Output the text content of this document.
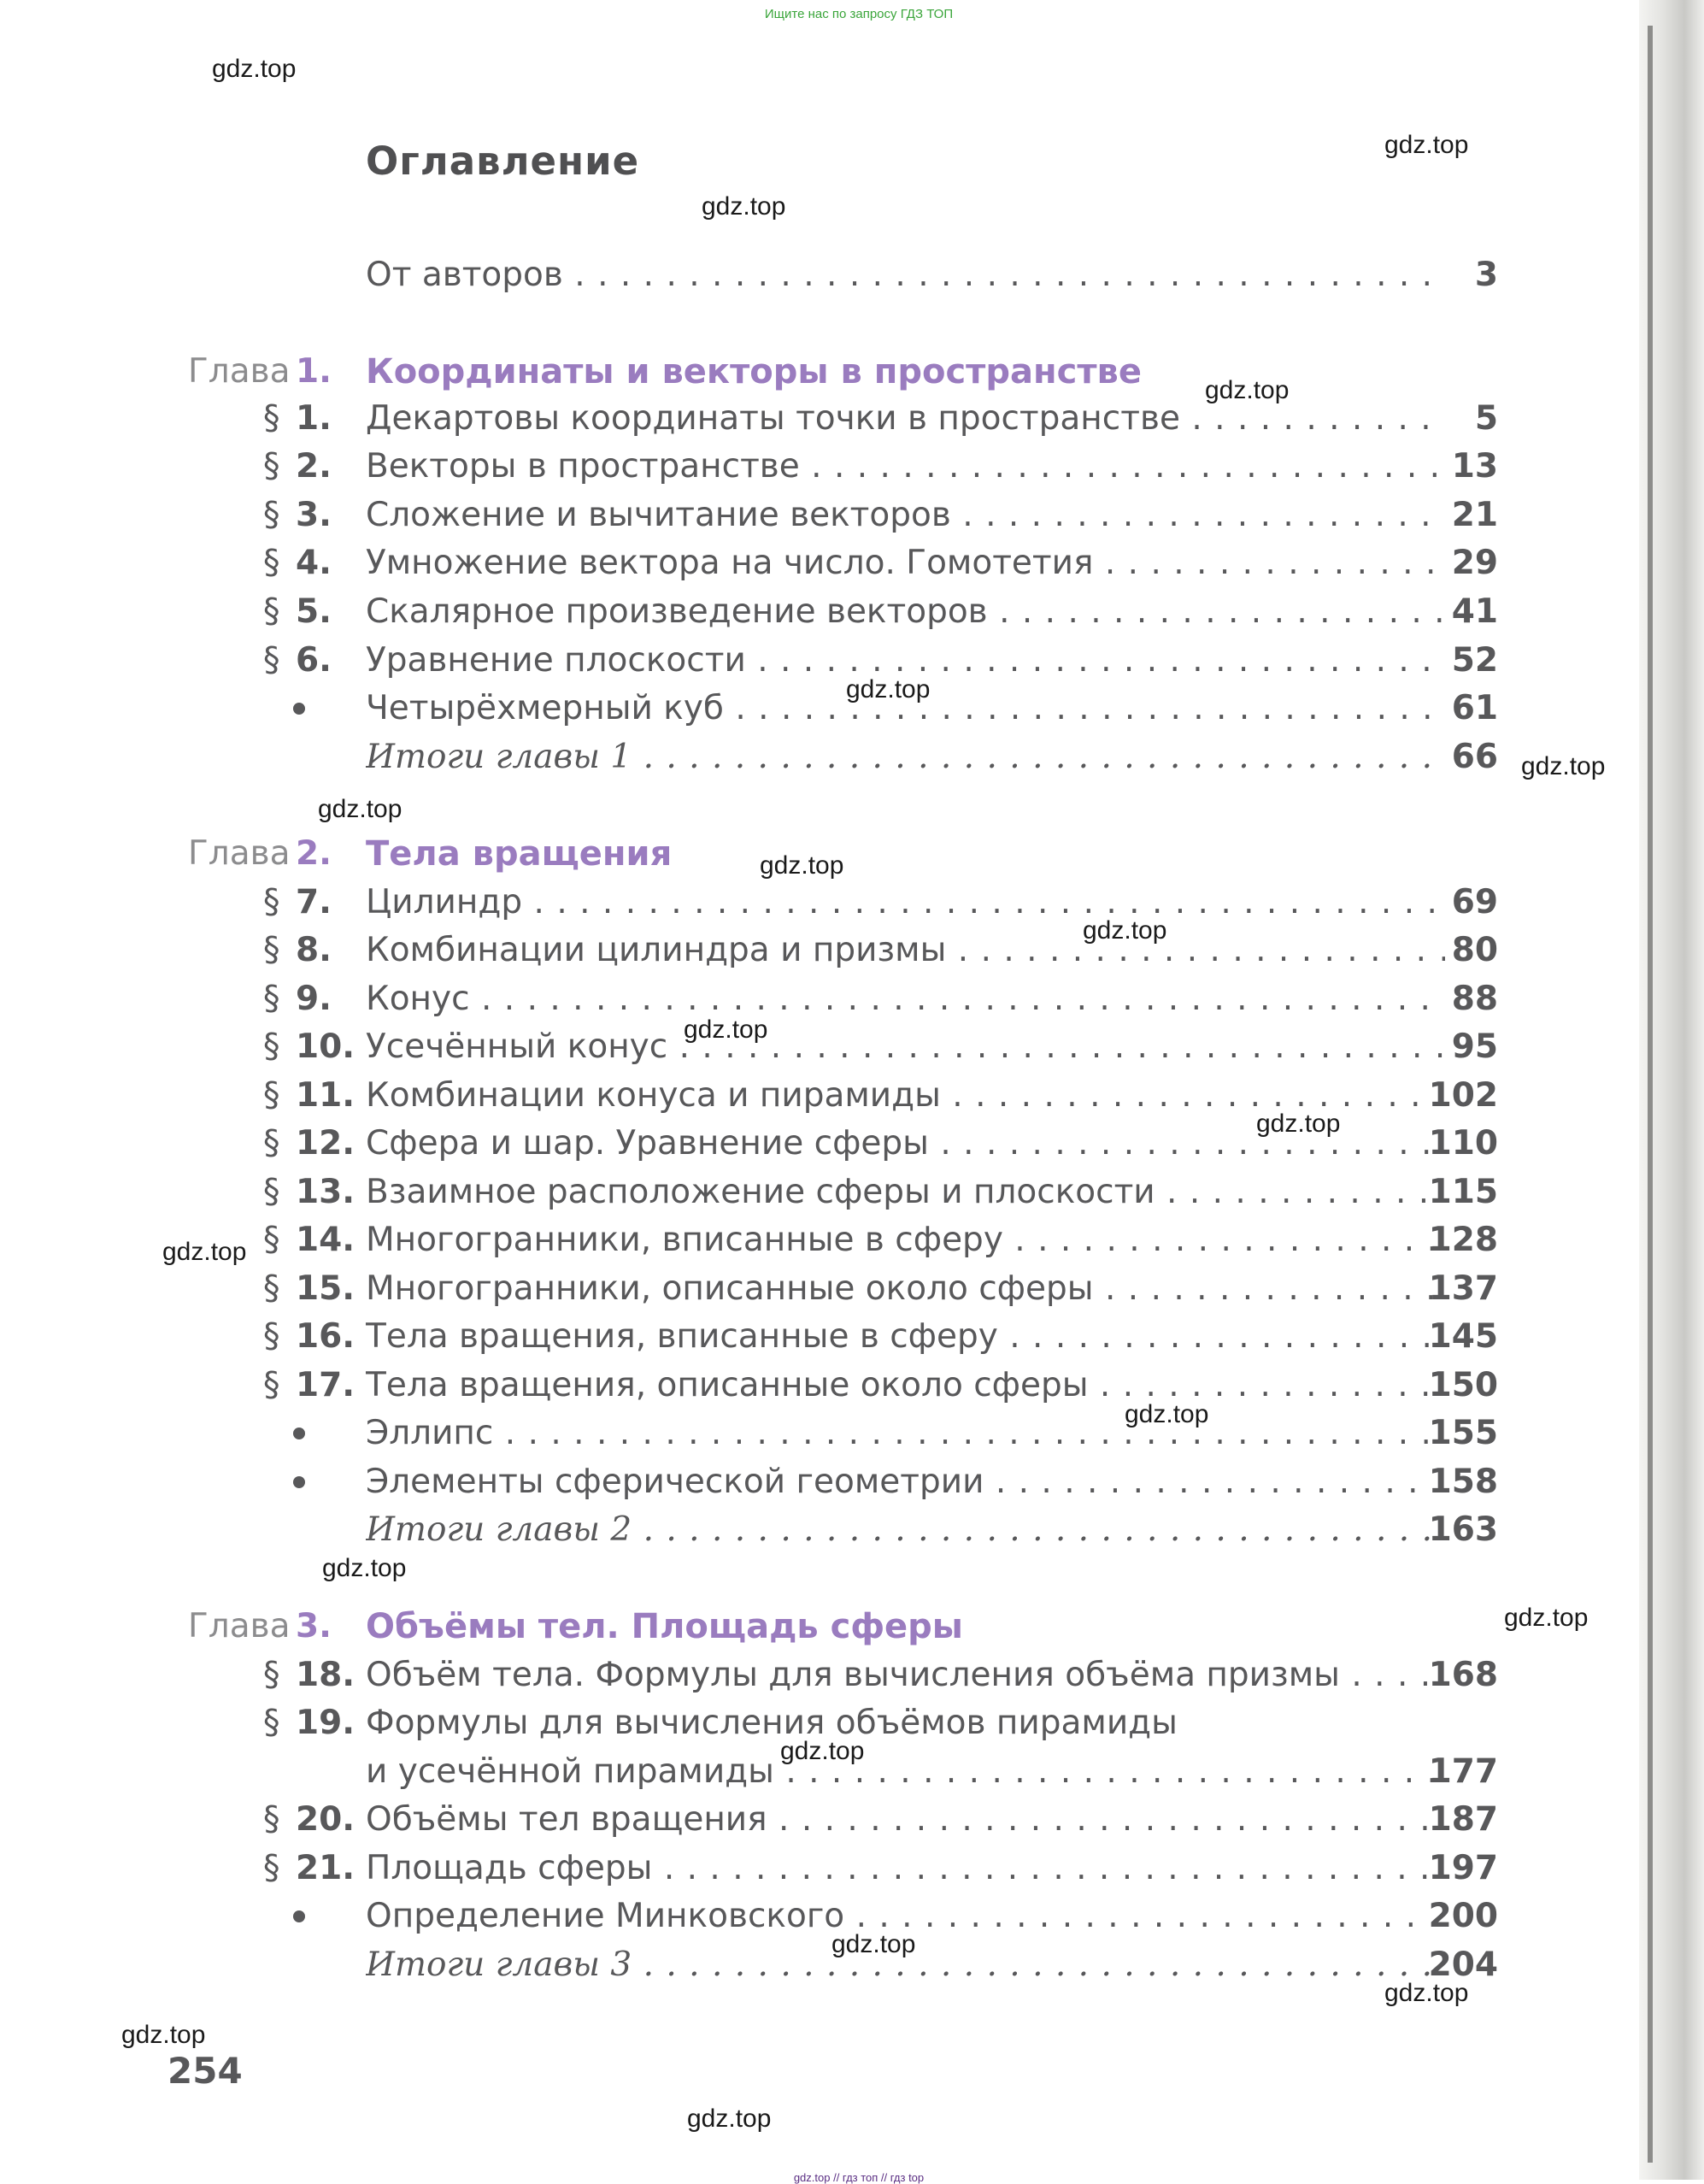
Ищите нас по запросу ГДЗ ТОП
Оглавление
От авторов . . .	3
Глава 1. Координаты и векторы в пространстве
§ 1. Декартовы координаты точки в пространстве . . .	5
§ 2. Векторы в пространстве . . .	13
§ 3. Сложение и вычитание векторов . . .	21
§ 4. Умножение вектора на число. Гомотетия . . .	29
§ 5. Скалярное произведение векторов . . .	41
§ 6. Уравнение плоскости . . .	52
Четырёхмерный куб . . .	61
Итоги главы 1 . . .	66
Глава 2. Тела вращения
§ 7. Цилиндр . . .	69
§ 8. Комбинации цилиндра и призмы . . .	80
§ 9. Конус . . .	88
§ 10. Усечённый конус . . .	95
§ 11. Комбинации конуса и пирамиды . . .	102
§ 12. Сфера и шар. Уравнение сферы . . .	110
§ 13. Взаимное расположение сферы и плоскости . . .	115
§ 14. Многогранники, вписанные в сферу . . .	128
§ 15. Многогранники, описанные около сферы . . .	137
§ 16. Тела вращения, вписанные в сферу . . .	145
§ 17. Тела вращения, описанные около сферы . . .	150
Эллипс . . .	155
Элементы сферической геометрии . . .	158
Итоги главы 2 . . .	163
Глава 3. Объёмы тел. Площадь сферы
§ 18. Объём тела. Формулы для вычисления объёма призмы . . .	168
§ 19. Формулы для вычисления объёмов пирамиды
и усечённой пирамиды . . .	177
§ 20. Объёмы тел вращения . . .	187
§ 21. Площадь сферы . . .	197
Определение Минковского . . .	200
Итоги главы 3 . . .	204
254
gdz.top
gdz.top
gdz.top
gdz.top
gdz.top
gdz.top
gdz.top
gdz.top
gdz.top
gdz.top
gdz.top
gdz.top
gdz.top
gdz.top
gdz.top
gdz.top
gdz.top
gdz.top
gdz.top
gdz.top
gdz.top // гдз топ // гдз top
